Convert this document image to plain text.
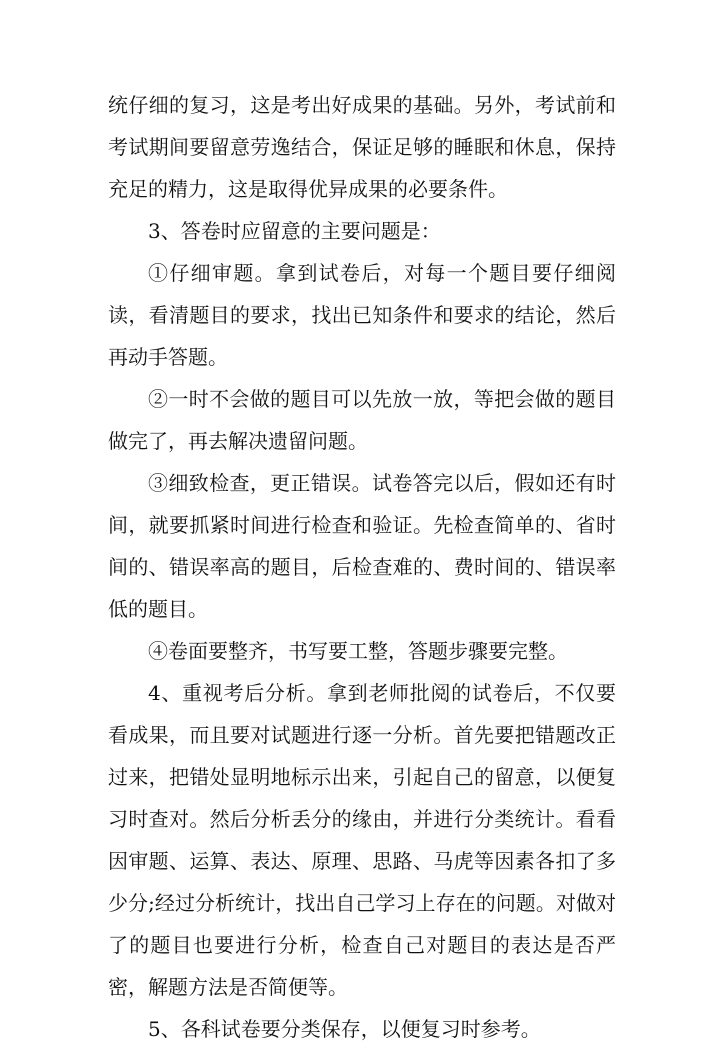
统仔细的复习，这是考出好成果的基础。另外，考试前和考试期间要留意劳逸结合，保证足够的睡眠和休息，保持充足的精力，这是取得优异成果的必要条件。

3、答卷时应留意的主要问题是：

①仔细审题。拿到试卷后，对每一个题目要仔细阅读，看清题目的要求，找出已知条件和要求的结论，然后再动手答题。

②一时不会做的题目可以先放一放，等把会做的题目做完了，再去解决遗留问题。

③细致检查，更正错误。试卷答完以后，假如还有时间，就要抓紧时间进行检查和验证。先检查简单的、省时间的、错误率高的题目，后检查难的、费时间的、错误率低的题目。

④卷面要整齐，书写要工整，答题步骤要完整。

4、重视考后分析。拿到老师批阅的试卷后，不仅要看成果，而且要对试题进行逐一分析。首先要把错题改正过来，把错处显明地标示出来，引起自己的留意，以便复习时查对。然后分析丢分的缘由，并进行分类统计。看看因审题、运算、表达、原理、思路、马虎等因素各扣了多少分;经过分析统计，找出自己学习上存在的问题。对做对了的题目也要进行分析，检查自己对题目的表达是否严密，解题方法是否简便等。

5、各科试卷要分类保存，以便复习时参考。
